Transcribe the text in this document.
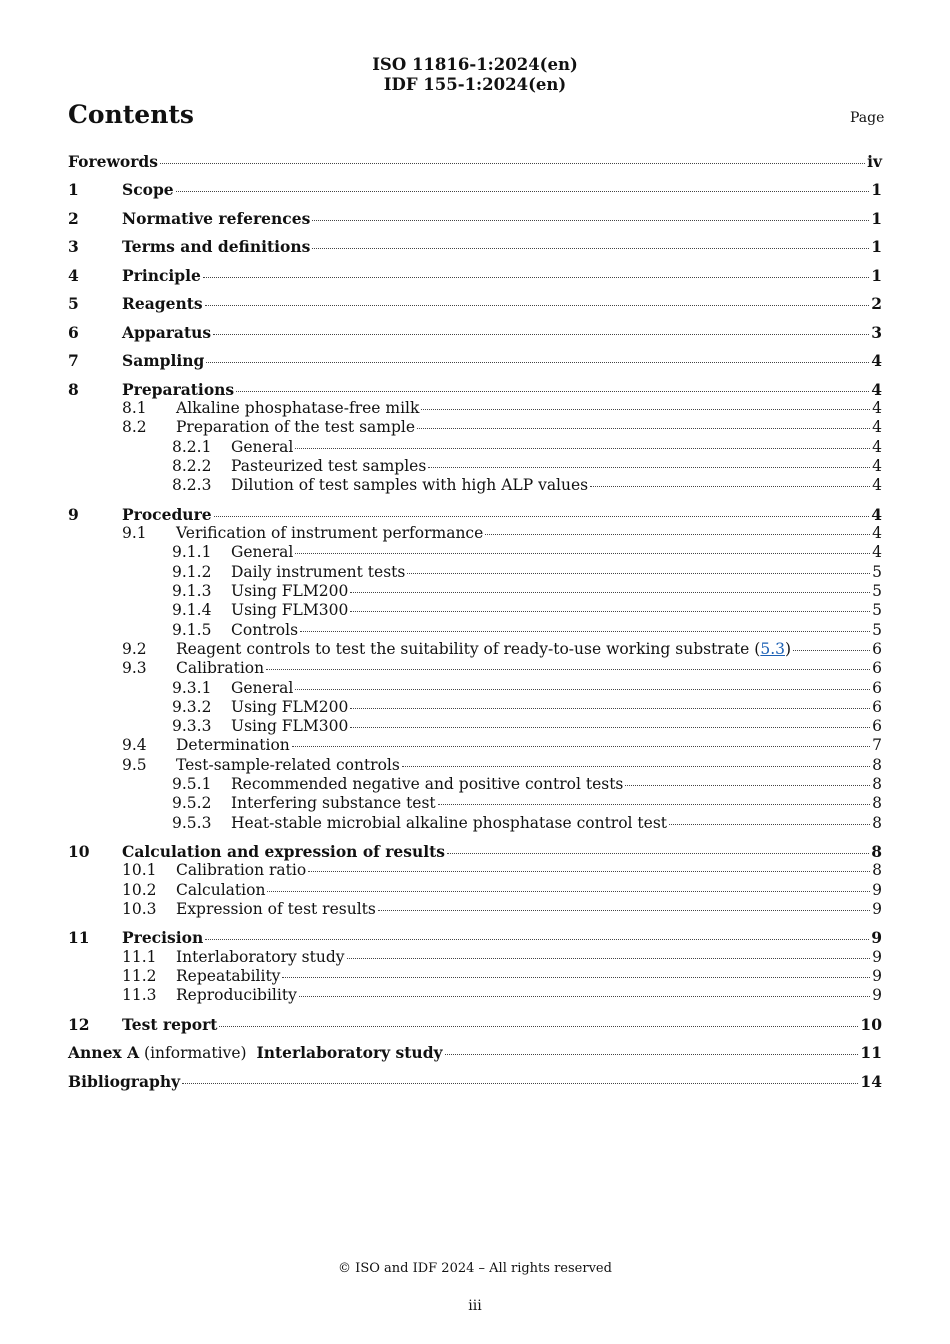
ISO 11816-1:2024(en)
IDF 155-1:2024(en)
Contents	Page
Forewords	iv
1	Scope	1
2	Normative references	1
3	Terms and definitions	1
4	Principle	1
5	Reagents	2
6	Apparatus	3
7	Sampling	4
8	Preparations	4
8.1	Alkaline phosphatase-free milk	4
8.2	Preparation of the test sample	4
8.2.1	General	4
8.2.2	Pasteurized test samples	4
8.2.3	Dilution of test samples with high ALP values	4
9	Procedure	4
9.1	Verification of instrument performance	4
9.1.1	General	4
9.1.2	Daily instrument tests	5
9.1.3	Using FLM200	5
9.1.4	Using FLM300	5
9.1.5	Controls	5
9.2	Reagent controls to test the suitability of ready-to-use working substrate (5.3)	6
9.3	Calibration	6
9.3.1	General	6
9.3.2	Using FLM200	6
9.3.3	Using FLM300	6
9.4	Determination	7
9.5	Test-sample-related controls	8
9.5.1	Recommended negative and positive control tests	8
9.5.2	Interfering substance test	8
9.5.3	Heat-stable microbial alkaline phosphatase control test	8
10	Calculation and expression of results	8
10.1	Calibration ratio	8
10.2	Calculation	9
10.3	Expression of test results	9
11	Precision	9
11.1	Interlaboratory study	9
11.2	Repeatability	9
11.3	Reproducibility	9
12	Test report	10
Annex A (informative)  Interlaboratory study	11
Bibliography	14
© ISO and IDF 2024 – All rights reserved
iii
